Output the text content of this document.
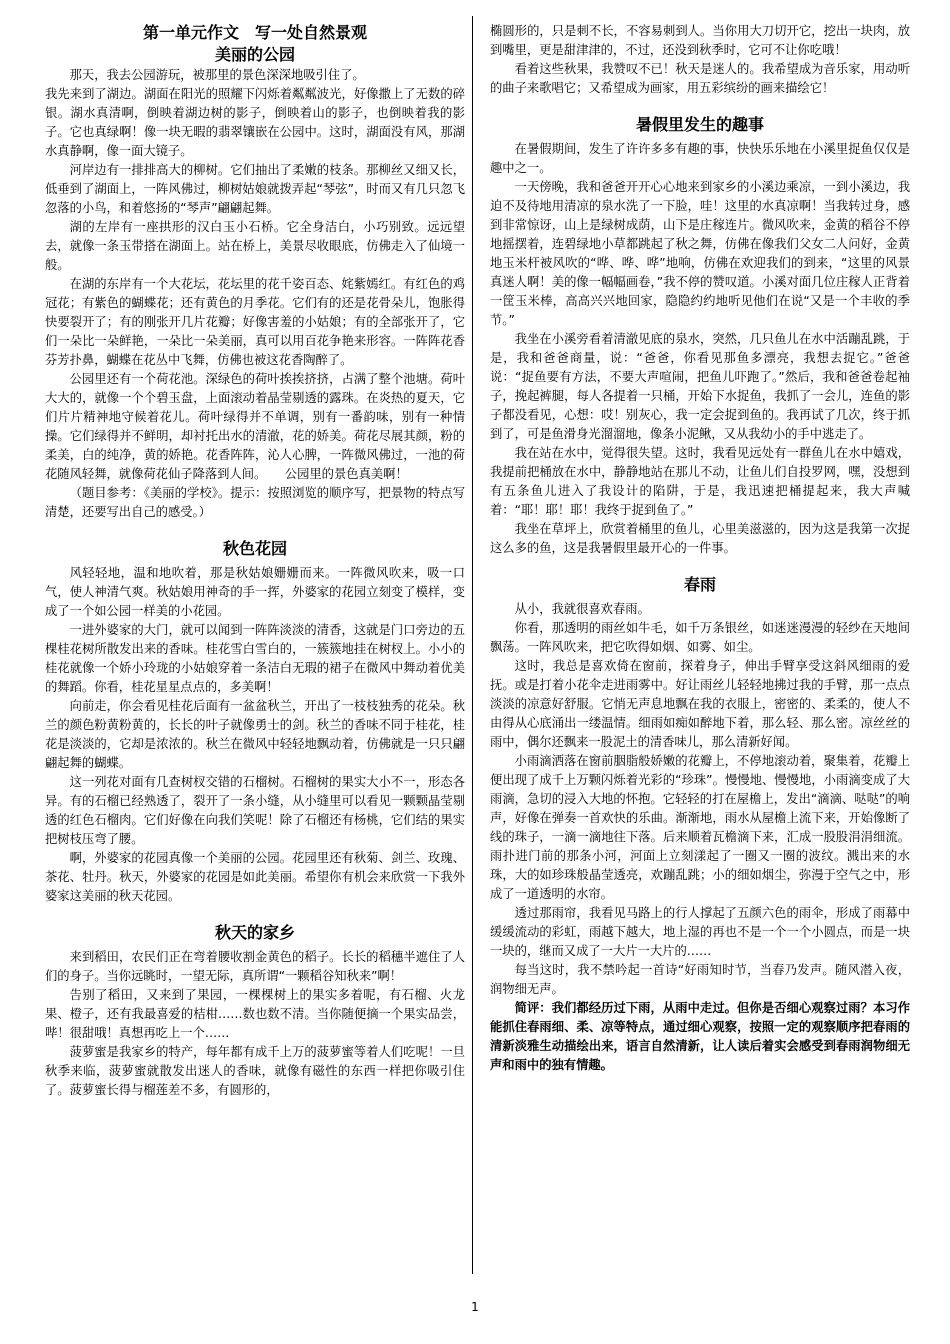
第一单元作文　写一处自然景观
美丽的公园

那天，我去公园游玩，被那里的景色深深地吸引住了。

我先来到了湖边。湖面在阳光的照耀下闪烁着粼粼波光，好像撒上了无数的碎银。湖水真清啊，倒映着湖边树的影子，倒映着山的影子，也倒映着我的影子。它也真绿啊！像一块无暇的翡翠镶嵌在公园中。这时，湖面没有风，那湖水真静啊，像一面大镜子。

河岸边有一排排高大的柳树。它们抽出了柔嫩的枝条。那柳丝又细又长，低垂到了湖面上，一阵风佛过，柳树姑娘就拨弄起“琴弦”，时而又有几只忽飞忽落的小鸟，和着悠扬的“琴声”翩翩起舞。

湖的左岸有一座拱形的汉白玉小石桥。它全身洁白，小巧别致。远远望去，就像一条玉带搭在湖面上。站在桥上，美景尽收眼底，仿佛走入了仙境一般。

在湖的东岸有一个大花坛，花坛里的花千姿百态、姹紫嫣红。有红色的鸡冠花；有紫色的蝴蝶花；还有黄色的月季花。它们有的还是花骨朵儿，饱胀得快要裂开了；有的刚张开几片花瓣；好像害羞的小姑娘；有的全部张开了，它们一朵比一朵鲜艳，一朵比一朵美丽，真可以用百花争艳来形容。一阵阵花香芬芳扑鼻，蝴蝶在花丛中飞舞，仿佛也被这花香陶醉了。

公园里还有一个荷花池。深绿色的荷叶挨挨挤挤，占满了整个池塘。荷叶大大的，就像一个个碧玉盘，上面滚动着晶莹剔透的露珠。在炎热的夏天，它们片片精神地守候着花儿。荷叶绿得并不单调，别有一番韵味，别有一种情操。它们绿得并不鲜明，却衬托出水的清澈，花的娇美。荷花尽展其颜，粉的柔美，白的纯净，黄的娇艳。花香阵阵，沁人心脾，一阵微风佛过，一池的荷花随风轻舞，就像荷花仙子降落到人间。　　公园里的景色真美啊！

（题目参考：《美丽的学校》。提示：按照浏览的顺序写，把景物的特点写清楚，还要写出自己的感受。）

秋色花园

风轻轻地，温和地吹着，那是秋姑娘姗姗而来。一阵微风吹来，吸一口气，使人神清气爽。秋姑娘用神奇的手一挥，外婆家的花园立刻变了模样，变成了一个如公园一样美的小花园。

一进外婆家的大门，就可以闻到一阵阵淡淡的清香，这就是门口旁边的五棵桂花树所散发出来的香味。桂花雪白雪白的，一簇簇地挂在树杈上。小小的桂花就像一个娇小玲珑的小姑娘穿着一条洁白无瑕的裙子在微风中舞动着优美的舞蹈。你看，桂花星星点点的，多美啊！

向前走，你会看见桂花后面有一盆盆秋兰，开出了一枝枝独秀的花朵。秋兰的颜色粉黄粉黄的，长长的叶子就像勇士的剑。秋兰的香味不同于桂花，桂花是淡淡的，它却是浓浓的。秋兰在微风中轻轻地飘动着，仿佛就是一只只翩翩起舞的蝴蝶。

这一列花对面有几查树杈交错的石榴树。石榴树的果实大小不一，形态各异。有的石榴已经熟透了，裂开了一条小缝，从小缝里可以看见一颗颗晶莹剔透的红色石榴肉。它们好像在向我们笑呢！除了石榴还有杨桃，它们结的果实把树枝压弯了腰。

啊，外婆家的花园真像一个美丽的公园。花园里还有秋菊、剑兰、玫瑰、茶花、牡丹。秋天，外婆家的花园是如此美丽。希望你有机会来欣赏一下我外婆家这美丽的秋天花园。

秋天的家乡

来到稻田，农民们正在弯着腰收割金黄色的稻子。长长的稻穗半遮住了人们的身子。当你远眺时，一望无际，真所谓“一颗稻谷知秋来”啊！

告别了稻田，又来到了果园，一棵棵树上的果实多着呢，有石榴、火龙果、橙子，还有我最喜爱的桔柑……数也数不清。当你随便摘一个果实品尝，哔！很甜哦！真想再吃上一个……

菠萝蜜是我家乡的特产，每年都有成千上万的菠萝蜜等着人们吃呢！一旦秋季来临，菠萝蜜就散发出迷人的香味，就像有磁性的东西一样把你吸引住了。菠萝蜜长得与榴莲差不多，有圆形的，

椭圆形的，只是刺不长，不容易刺到人。当你用大刀切开它，挖出一块肉，放到嘴里，更是甜津津的，不过，还没到秋季时，它可不让你吃哦！

看着这些秋果，我赞叹不已！秋天是迷人的。我希望成为音乐家，用动听的曲子来歌唱它；又希望成为画家，用五彩缤纷的画来描绘它！

暑假里发生的趣事

在暑假期间，发生了许许多多有趣的事，快快乐乐地在小溪里捉鱼仅仅是趣中之一。

一天傍晚，我和爸爸开开心心地来到家乡的小溪边乘凉，一到小溪边，我迫不及待地用清凉的泉水洗了一下脸，哇！这里的水真凉啊！当我转过身，感到非常惊讶，山上是绿树成荫，山下是庄稼连片。微风吹来，金黄的稻谷不停地摇摆着，连碧绿地小草都跳起了秋之舞，仿佛在像我们父女二人问好，金黄地玉米杆被风吹的“哗、哗、哗”地响，仿佛在欢迎我们的到来，“这里的风景真迷人啊！美的像一幅幅画卷，”我不停的赞叹道。小溪对面几位庄稼人正背着一筐玉米棒，高高兴兴地回家，隐隐约约地听见他们在说“又是一个丰收的季节。”

我坐在小溪旁看着清澈见底的泉水，突然，几只鱼儿在水中活蹦乱跳，于是，我和爸爸商量，说：“爸爸，你看见那鱼多漂亮，我想去捉它。”爸爸说：“捉鱼要有方法，不要大声喧闹，把鱼儿吓跑了。”然后，我和爸爸卷起袖子，挽起裤腿，每人各提着一只桶，开始下水捉鱼，我抓了一会儿，连鱼的影子都没看见，心想：哎！别灰心，我一定会捉到鱼的。我再试了几次，终于抓到了，可是鱼滑身光溜溜地，像条小泥鳅，又从我幼小的手中逃走了。

我在站在水中，觉得很失望。这时，我看见远处有一群鱼儿在水中嬉戏，我提前把桶放在水中，静静地站在那儿不动，让鱼儿们自投罗网，嘿，没想到有五条鱼儿进入了我设计的陷阱，于是，我迅速把桶提起来，我大声喊着：“耶！耶！耶！我终于捉到鱼了。”

我坐在草坪上，欣赏着桶里的鱼儿，心里美滋滋的，因为这是我第一次捉这么多的鱼，这是我暑假里最开心的一件事。

春雨

从小，我就很喜欢春雨。

你看，那透明的雨丝如牛毛，如千万条银丝，如迷迷漫漫的轻纱在天地间飘荡。一阵风吹来，把它吹得如烟、如雾、如尘。

这时，我总是喜欢倚在窗前，探着身子，伸出手臂享受这斜风细雨的爱抚。或是打着小花伞走进雨雾中。好让雨丝儿轻轻地拂过我的手臂，那一点点淡淡的凉意好舒服。它悄无声息地飘在我的衣服上，密密的、柔柔的，使人不由得从心底涌出一缕温情。细雨如痴如醉地下着，那么轻、那么密。凉丝丝的雨中，偶尔还飘来一股泥土的清香味儿，那么清新好闻。

小雨滴洒落在窗前胭脂般娇嫩的花瓣上，不停地滚动着，聚集着，花瓣上便出现了成千上万颗闪烁着光彩的“珍珠”。慢慢地、慢慢地，小雨滴变成了大雨滴，急切的浸入大地的怀抱。它轻轻的打在屋檐上，发出“滴滴、哒哒”的响声，好像在弹奏一首欢快的乐曲。渐渐地，雨水从屋檐上流下来，开始像断了线的珠子，一滴一滴地往下落。后来顺着瓦檐滴下来，汇成一股股涓涓细流。雨扑进门前的那条小河，河面上立刻漾起了一圈又一圈的波纹。溅出来的水珠，大的如珍珠般晶莹透亮，欢蹦乱跳；小的细如烟尘，弥漫于空气之中，形成了一道透明的水帘。

透过那雨帘，我看见马路上的行人撑起了五颜六色的雨伞，形成了雨幕中缓缓流动的彩虹，雨越下越大，地上湿的再也不是一个一个小圆点，而是一块一块的，继而又成了一大片一大片的……

每当这时，我不禁吟起一首诗“好雨知时节，当春乃发声。随风潜入夜，润物细无声。

简评：我们都经历过下雨，从雨中走过。但你是否细心观察过雨？本习作能抓住春雨细、柔、凉等特点，通过细心观察，按照一定的观察顺序把春雨的清新淡雅生动描绘出来，语言自然清新，让人读后着实会感受到春雨润物细无声和雨中的独有情趣。

1
